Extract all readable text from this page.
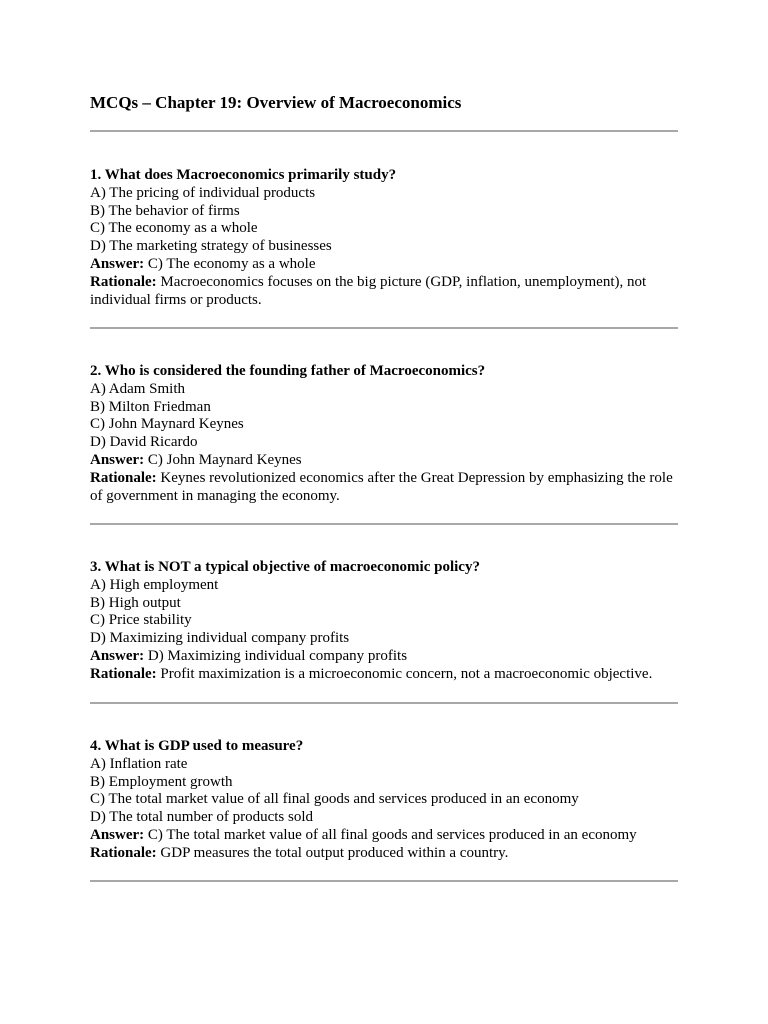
MCQs – Chapter 19: Overview of Macroeconomics

1. What does Macroeconomics primarily study?

A) The pricing of individual products

B) The behavior of firms

C) The economy as a whole

D) The marketing strategy of businesses

Answer: C) The economy as a whole

Rationale: Macroeconomics focuses on the big picture (GDP, inflation, unemployment), not individual firms or products.

2. Who is considered the founding father of Macroeconomics?

A) Adam Smith

B) Milton Friedman

C) John Maynard Keynes

D) David Ricardo

Answer: C) John Maynard Keynes

Rationale: Keynes revolutionized economics after the Great Depression by emphasizing the role of government in managing the economy.

3. What is NOT a typical objective of macroeconomic policy?

A) High employment

B) High output

C) Price stability

D) Maximizing individual company profits

Answer: D) Maximizing individual company profits

Rationale: Profit maximization is a microeconomic concern, not a macroeconomic objective.

4. What is GDP used to measure?

A) Inflation rate

B) Employment growth

C) The total market value of all final goods and services produced in an economy

D) The total number of products sold

Answer: C) The total market value of all final goods and services produced in an economy

Rationale: GDP measures the total output produced within a country.
